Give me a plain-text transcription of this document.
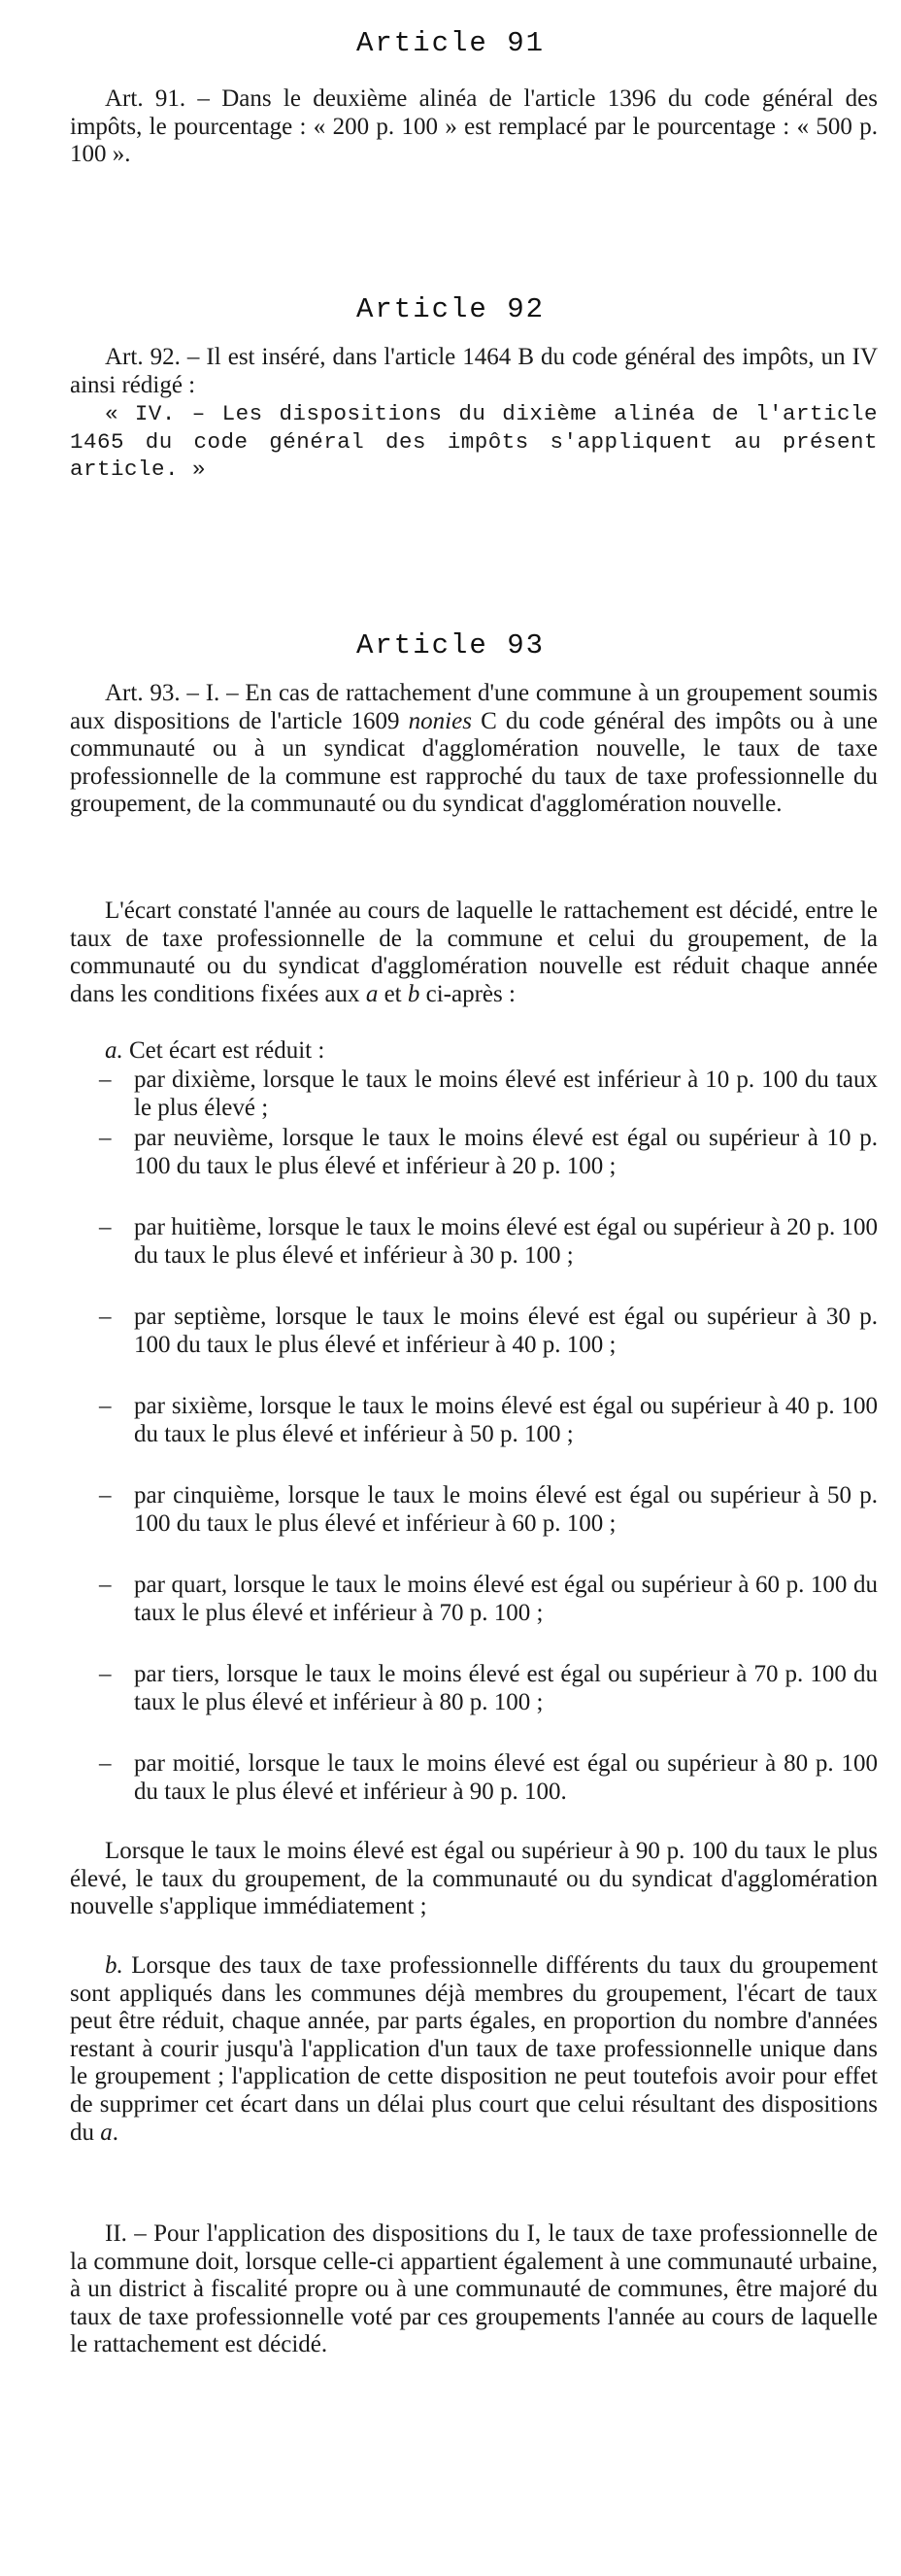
Article 91
Art. 91. – Dans le deuxième alinéa de l'article 1396 du code général des impôts, le pourcentage : « 200 p. 100 » est remplacé par le pourcentage : « 500 p. 100 ».
Article 92
Art. 92. – Il est inséré, dans l'article 1464 B du code général des impôts, un IV ainsi rédigé :
« IV. – Les dispositions du dixième alinéa de l'article 1465 du code général des impôts s'appliquent au présent article. »
Article 93
Art. 93. – I. – En cas de rattachement d'une commune à un groupement soumis aux dispositions de l'article 1609 nonies C du code général des impôts ou à une communauté ou à un syndicat d'agglomération nouvelle, le taux de taxe professionnelle de la commune est rapproché du taux de taxe professionnelle du groupement, de la communauté ou du syndicat d'agglomération nouvelle.
L'écart constaté l'année au cours de laquelle le rattachement est décidé, entre le taux de taxe professionnelle de la commune et celui du groupement, de la communauté ou du syndicat d'agglomération nouvelle est réduit chaque année dans les conditions fixées aux a et b ci-après :
a. Cet écart est réduit :
– par dixième, lorsque le taux le moins élevé est inférieur à 10 p. 100 du taux le plus élevé ;
– par neuvième, lorsque le taux le moins élevé est égal ou supérieur à 10 p. 100 du taux le plus élevé et inférieur à 20 p. 100 ;
– par huitième, lorsque le taux le moins élevé est égal ou supérieur à 20 p. 100 du taux le plus élevé et inférieur à 30 p. 100 ;
– par septième, lorsque le taux le moins élevé est égal ou supérieur à 30 p. 100 du taux le plus élevé et inférieur à 40 p. 100 ;
– par sixième, lorsque le taux le moins élevé est égal ou supérieur à 40 p. 100 du taux le plus élevé et inférieur à 50 p. 100 ;
– par cinquième, lorsque le taux le moins élevé est égal ou supérieur à 50 p. 100 du taux le plus élevé et inférieur à 60 p. 100 ;
– par quart, lorsque le taux le moins élevé est égal ou supérieur à 60 p. 100 du taux le plus élevé et inférieur à 70 p. 100 ;
– par tiers, lorsque le taux le moins élevé est égal ou supérieur à 70 p. 100 du taux le plus élevé et inférieur à 80 p. 100 ;
– par moitié, lorsque le taux le moins élevé est égal ou supérieur à 80 p. 100 du taux le plus élevé et inférieur à 90 p. 100.
Lorsque le taux le moins élevé est égal ou supérieur à 90 p. 100 du taux le plus élevé, le taux du groupement, de la communauté ou du syndicat d'agglomération nouvelle s'applique immédiatement ;
b. Lorsque des taux de taxe professionnelle différents du taux du groupement sont appliqués dans les communes déjà membres du groupement, l'écart de taux peut être réduit, chaque année, par parts égales, en proportion du nombre d'années restant à courir jusqu'à l'application d'un taux de taxe professionnelle unique dans le groupement ; l'application de cette disposition ne peut toutefois avoir pour effet de supprimer cet écart dans un délai plus court que celui résultant des dispositions du a.
II. – Pour l'application des dispositions du I, le taux de taxe professionnelle de la commune doit, lorsque celle-ci appartient également à une communauté urbaine, à un district à fiscalité propre ou à une communauté de communes, être majoré du taux de taxe professionnelle voté par ces groupements l'année au cours de laquelle le rattachement est décidé.
